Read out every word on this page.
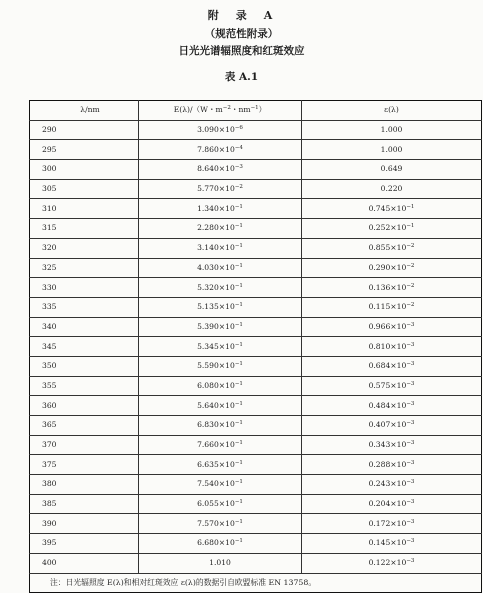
附　录　A
（规范性附录）
日光光谱辐照度和红斑效应
表 A.1
λ/nm	E(λ)/（W・$m^{-2}$・$nm^{-1}$）	ε(λ)
290	$3.090\times 10^{-6}$	1.000
295	$7.860\times 10^{-4}$	1.000
300	$8.640\times 10^{-3}$	0.649
305	$5.770\times 10^{-2}$	0.220
310	$1.340\times 10^{-1}$	$0.745\times 10^{-1}$
315	$2.280\times 10^{-1}$	$0.252\times 10^{-1}$
320	$3.140\times 10^{-1}$	$0.855\times 10^{-2}$
325	$4.030\times 10^{-1}$	$0.290\times 10^{-2}$
330	$5.320\times 10^{-1}$	$0.136\times 10^{-2}$
335	$5.135\times 10^{-1}$	$0.115\times 10^{-2}$
340	$5.390\times 10^{-1}$	$0.966\times 10^{-3}$
345	$5.345\times 10^{-1}$	$0.810\times 10^{-3}$
350	$5.590\times 10^{-1}$	$0.684\times 10^{-3}$
355	$6.080\times 10^{-1}$	$0.575\times 10^{-3}$
360	$5.640\times 10^{-1}$	$0.484\times 10^{-3}$
365	$6.830\times 10^{-1}$	$0.407\times 10^{-3}$
370	$7.660\times 10^{-1}$	$0.343\times 10^{-3}$
375	$6.635\times 10^{-1}$	$0.288\times 10^{-3}$
380	$7.540\times 10^{-1}$	$0.243\times 10^{-3}$
385	$6.055\times 10^{-1}$	$0.204\times 10^{-3}$
390	$7.570\times 10^{-1}$	$0.172\times 10^{-3}$
395	$6.680\times 10^{-1}$	$0.145\times 10^{-3}$
400	1.010	$0.122\times 10^{-3}$
注：日光辐照度 E(λ)和相对红斑效应 ε(λ)的数据引自欧盟标准 EN 13758。		
